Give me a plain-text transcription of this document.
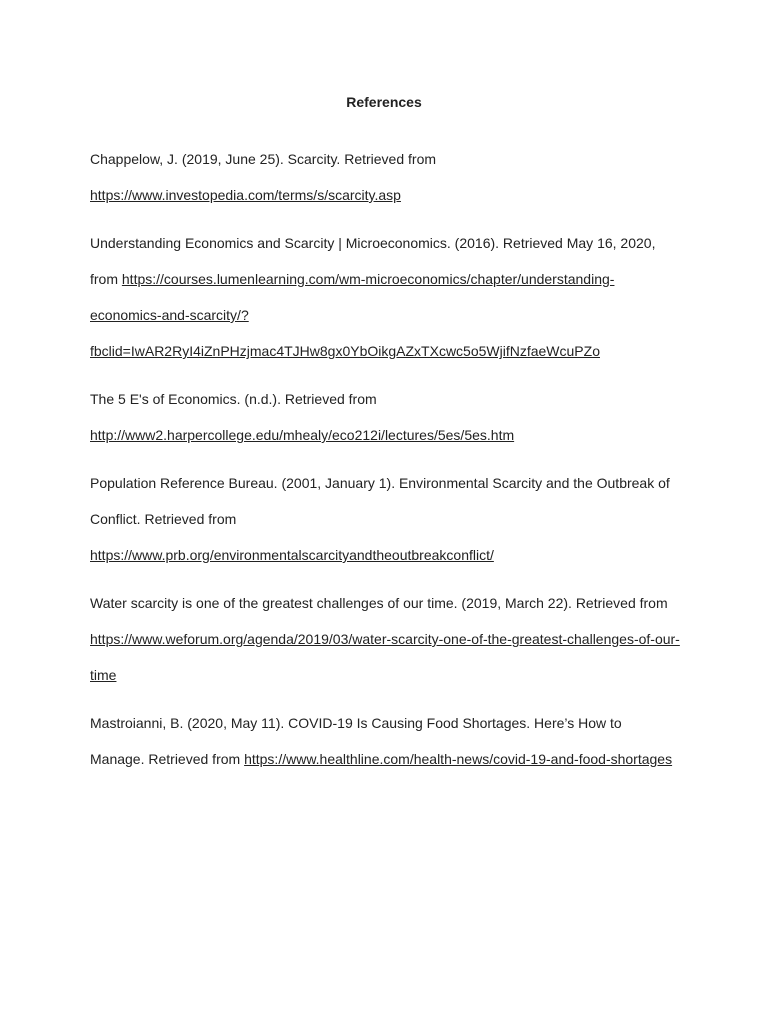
References

Chappelow, J. (2019, June 25). Scarcity. Retrieved from
https://www.investopedia.com/terms/s/scarcity.asp

Understanding Economics and Scarcity | Microeconomics. (2016). Retrieved May 16, 2020, from https://courses.lumenlearning.com/wm-microeconomics/chapter/understanding-economics-and-scarcity/?fbclid=IwAR2RyI4iZnPHzjmac4TJHw8gx0YbOikgAZxTXcwc5o5WjifNzfaeWcuPZo

The 5 E's of Economics. (n.d.). Retrieved from
http://www2.harpercollege.edu/mhealy/eco212i/lectures/5es/5es.htm

Population Reference Bureau. (2001, January 1). Environmental Scarcity and the Outbreak of Conflict. Retrieved from
https://www.prb.org/environmentalscarcityandtheoutbreakconflict/

Water scarcity is one of the greatest challenges of our time. (2019, March 22). Retrieved from https://www.weforum.org/agenda/2019/03/water-scarcity-one-of-the-greatest-challenges-of-our-time

Mastroianni, B. (2020, May 11). COVID-19 Is Causing Food Shortages. Here’s How to Manage. Retrieved from https://www.healthline.com/health-news/covid-19-and-food-shortages
